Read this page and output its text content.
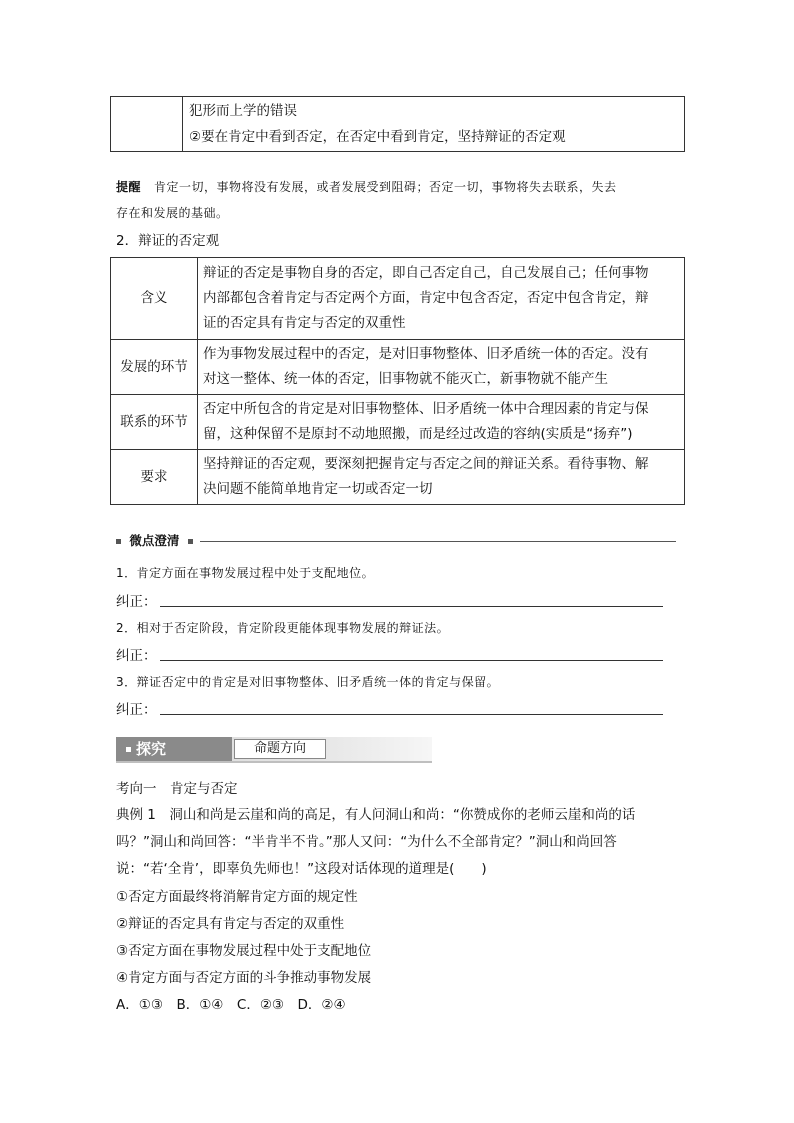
犯形而上学的错误
②要在肯定中看到否定，在否定中看到肯定，坚持辩证的否定观
提醒 肯定一切，事物将没有发展，或者发展受到阻碍；否定一切，事物将失去联系，失去
存在和发展的基础。
2．辩证的否定观
含义	辩证的否定是事物自身的否定，即自己否定自己，自己发展自己；任何事物
内部都包含着肯定与否定两个方面，肯定中包含否定，否定中包含肯定，辩
证的否定具有肯定与否定的双重性

发展的环节	作为事物发展过程中的否定，是对旧事物整体、旧矛盾统一体的否定。没有
对这一整体、统一体的否定，旧事物就不能灭亡，新事物就不能产生

联系的环节	否定中所包含的肯定是对旧事物整体、旧矛盾统一体中合理因素的肯定与保
留，这种保留不是原封不动地照搬，而是经过改造的容纳(实质是“扬弃”)

要求	坚持辩证的否定观，要深刻把握肯定与否定之间的辩证关系。看待事物、解
决问题不能简单地肯定一切或否定一切
微点澄清
1．肯定方面在事物发展过程中处于支配地位。
纠正：
2．相对于否定阶段，肯定阶段更能体现事物发展的辩证法。
纠正：
3．辩证否定中的肯定是对旧事物整体、旧矛盾统一体的肯定与保留。
纠正：
探究	命题方向
考向一　肯定与否定
典例 1　洞山和尚是云崖和尚的高足，有人问洞山和尚：“你赞成你的老师云崖和尚的话
吗？”洞山和尚回答：“半肯半不肯。”那人又问：“为什么不全部肯定？”洞山和尚回答
说：“若‘全肯’，即辜负先师也！”这段对话体现的道理是(　　)
①否定方面最终将消解肯定方面的规定性
②辩证的否定具有肯定与否定的双重性
③否定方面在事物发展过程中处于支配地位
④肯定方面与否定方面的斗争推动事物发展
A．①③　B．①④　C．②③　D．②④
